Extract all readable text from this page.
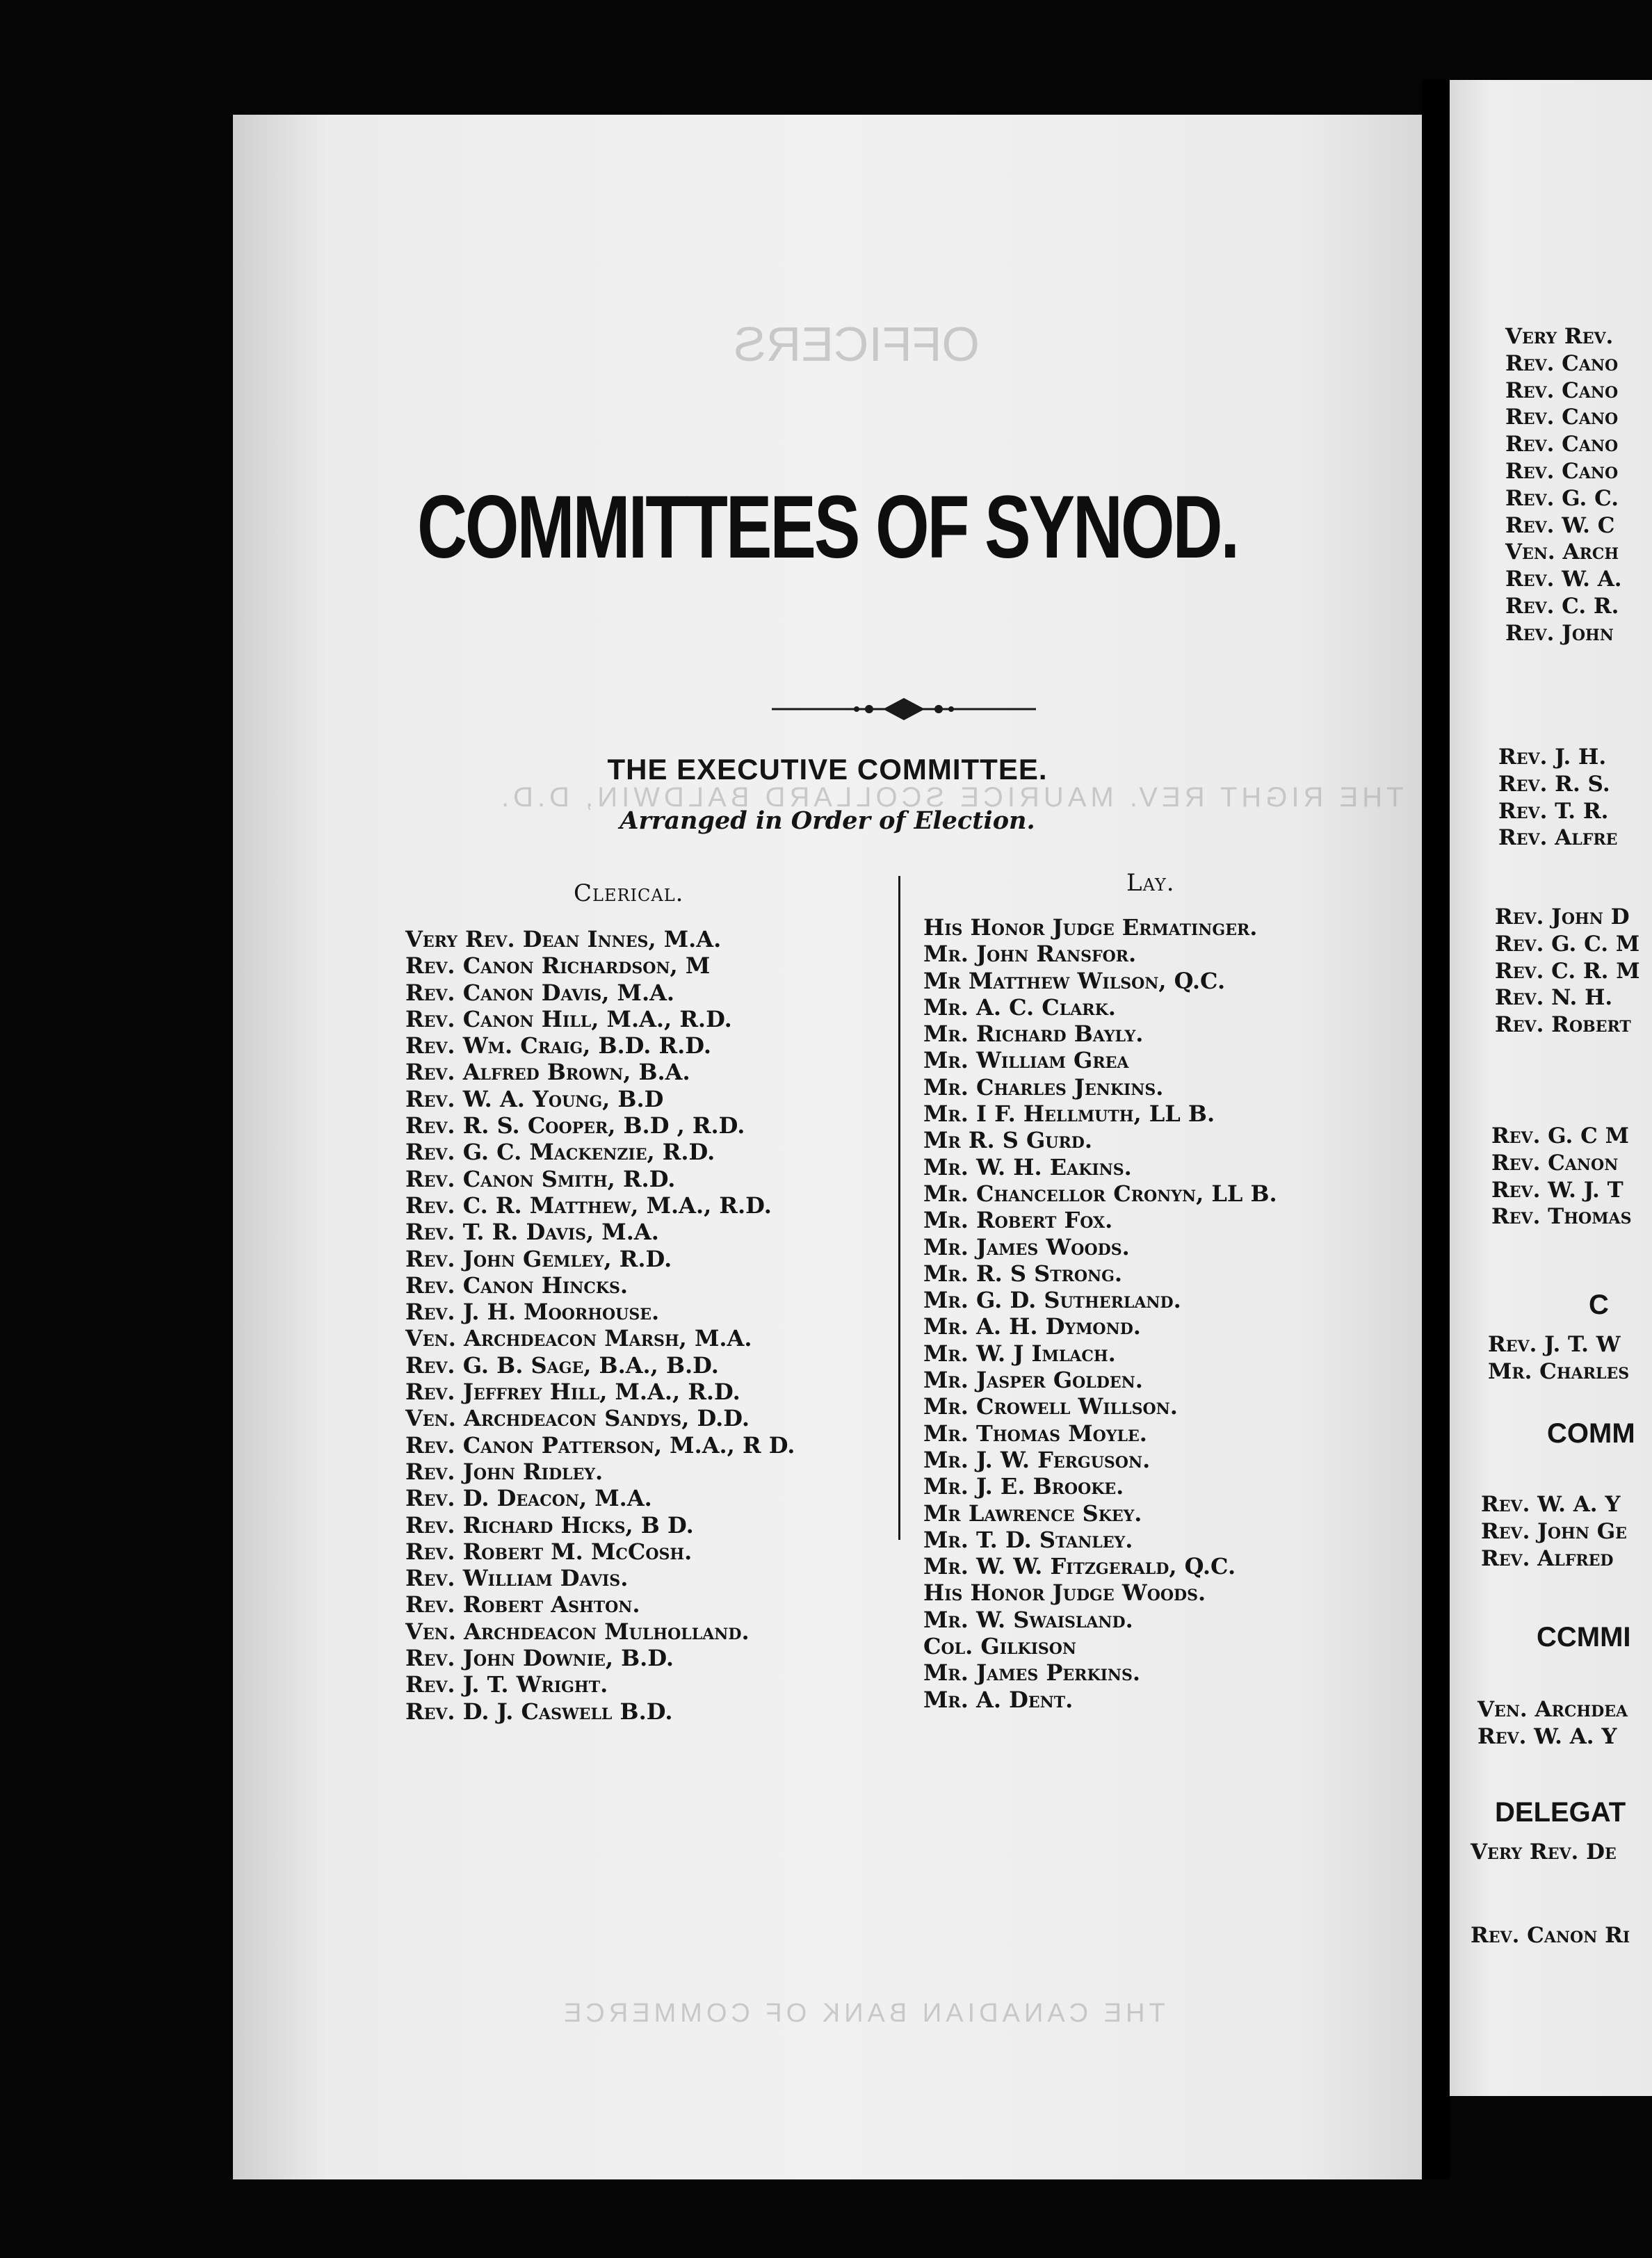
OFFICERS
THE RIGHT REV. MAURICE SCOLLARD BALDWIN, D.D.
THE CANADIAN BANK OF COMMERCE
COMMITTEES OF SYNOD.
THE EXECUTIVE COMMITTEE.
Arranged in Order of Election.
Clerical.	Lay.
Very Rev. Dean Innes, M.A.
Rev. Canon Richardson, M
Rev. Canon Davis, M.A.
Rev. Canon Hill, M.A., R.D.
Rev. Wm. Craig, B.D. R.D.
Rev. Alfred Brown, B.A.
Rev. W. A. Young, B.D
Rev. R. S. Cooper, B.D , R.D.
Rev. G. C. Mackenzie, R.D.
Rev. Canon Smith, R.D.
Rev. C. R. Matthew, M.A., R.D.
Rev. T. R. Davis, M.A.
Rev. John Gemley, R.D.
Rev. Canon Hincks.
Rev. J. H. Moorhouse.
Ven. Archdeacon Marsh, M.A.
Rev. G. B. Sage, B.A., B.D.
Rev. Jeffrey Hill, M.A., R.D.
Ven. Archdeacon Sandys, D.D.
Rev. Canon Patterson, M.A., R D.
Rev. John Ridley.
Rev. D. Deacon, M.A.
Rev. Richard Hicks, B D.
Rev. Robert M. McCosh.
Rev. William Davis.
Rev. Robert Ashton.
Ven. Archdeacon Mulholland.
Rev. John Downie, B.D.
Rev. J. T. Wright.
Rev. D. J. Caswell B.D.
His Honor Judge Ermatinger.
Mr. John Ransfor.
Mr Matthew Wilson, Q.C.
Mr. A. C. Clark.
Mr. Richard Bayly.
Mr. William Grea
Mr. Charles Jenkins.
Mr. I F. Hellmuth, LL B.
Mr R. S Gurd.
Mr. W. H. Eakins.
Mr. Chancellor Cronyn, LL B.
Mr. Robert Fox.
Mr. James Woods.
Mr. R. S Strong.
Mr. G. D. Sutherland.
Mr. A. H. Dymond.
Mr. W. J Imlach.
Mr. Jasper Golden.
Mr. Crowell Willson.
Mr. Thomas Moyle.
Mr. J. W. Ferguson.
Mr. J. E. Brooke.
Mr Lawrence Skey.
Mr. T. D. Stanley.
Mr. W. W. Fitzgerald, Q.C.
His Honor Judge Woods.
Mr. W. Swaisland.
Col. Gilkison
Mr. James Perkins.
Mr. A. Dent.
Very Rev.
Rev. Cano
Rev. Cano
Rev. Cano
Rev. Cano
Rev. Cano
Rev. G. C.
Rev. W. C
Ven. Arch
Rev. W. A.
Rev. C. R.
Rev. John
Rev. J. H.
Rev. R. S.
Rev. T. R.
Rev. Alfre
Rev. John D
Rev. G. C. M
Rev. C. R. M
Rev. N. H.
Rev. Robert
Rev. G. C M
Rev. Canon
Rev. W. J. T
Rev. Thomas
C
Rev. J. T. W
Mr. Charles
COMM
Rev. W. A. Y
Rev. John Ge
Rev. Alfred
CCMMI
Ven. Archdea
Rev. W. A. Y
DELEGAT
Very Rev. De
Rev. Canon Ri
